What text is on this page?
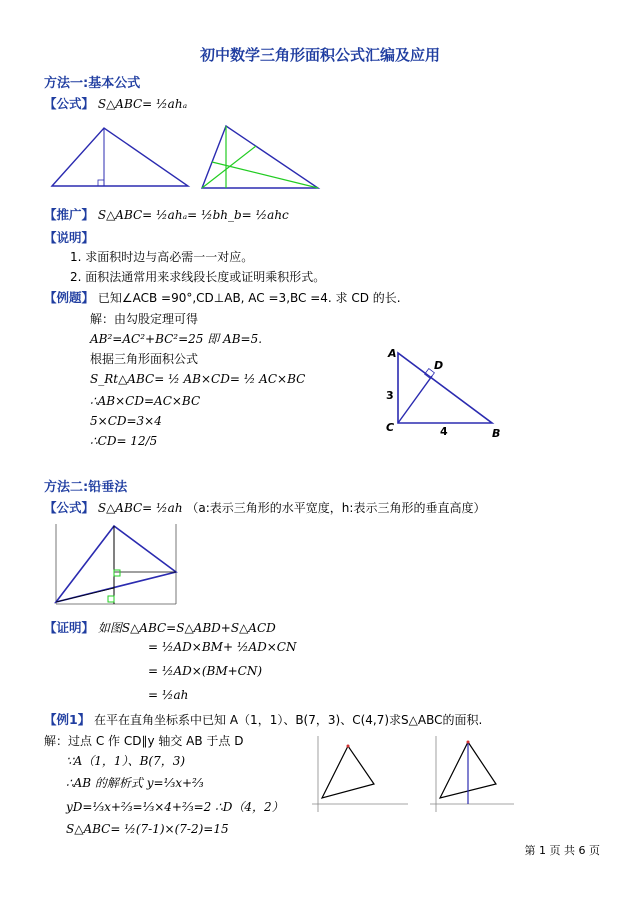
初中数学三角形面积公式汇编及应用
方法一:基本公式
【公式】 S△ABC= ½ahₐ
【推广】 S△ABC= ½ahₐ= ½bh_b= ½ahc
【说明】
1. 求面积时边与高必需一一对应。
2. 面积法通常用来求线段长度或证明乘积形式。
【例题】 已知∠ACB =90°,CD⊥AB, AC =3,BC =4. 求 CD 的长.
解：由勾股定理可得
AB²=AC²+BC²=25 即 AB=5.
根据三角形面积公式
S_Rt△ABC= ½ AB×CD= ½ AC×BC
∴AB×CD=AC×BC
5×CD=3×4
∴CD= 12/5
A
D
C	B
3
4
方法二:铅垂法
【公式】 S△ABC= ½ah （a:表示三角形的水平宽度，h:表示三角形的垂直高度）
【证明】 如图S△ABC=S△ABD+S△ACD
= ½AD×BM+ ½AD×CN
= ½AD×(BM+CN)
= ½ah
【例1】 在平在直角坐标系中已知 A（1，1）、B(7，3)、C(4,7)求S△ABC的面积.
解：过点 C 作 CD∥y 轴交 AB 于点 D
∵A（1，1）、B(7，3)
∴AB 的解析式 y=⅓x+⅔
yD=⅓x+⅔=⅓×4+⅔=2 ∴D（4，2）
S△ABC= ½(7-1)×(7-2)=15
第 1 页 共 6 页
